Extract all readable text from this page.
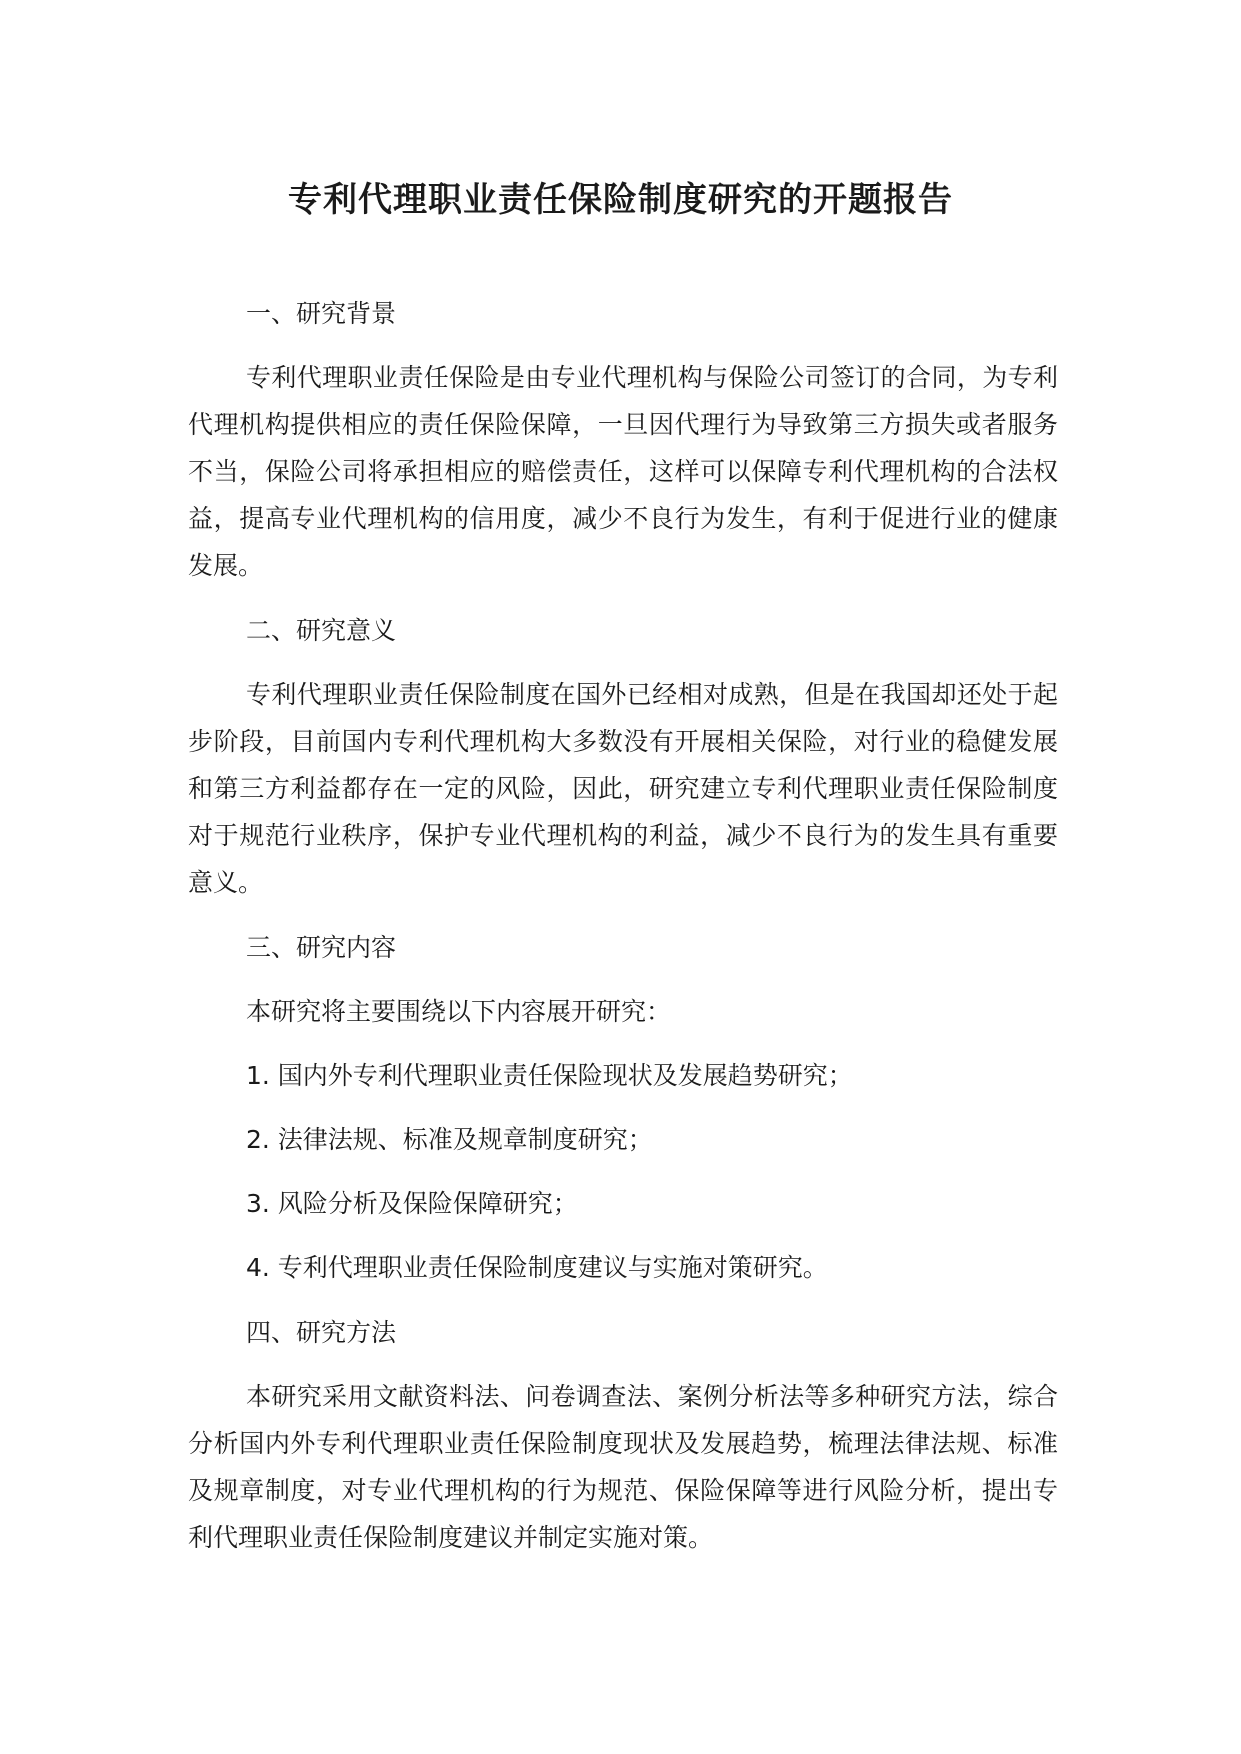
专利代理职业责任保险制度研究的开题报告
一、研究背景

专利代理职业责任保险是由专业代理机构与保险公司签订的合同，为专利代理机构提供相应的责任保险保障，一旦因代理行为导致第三方损失或者服务不当，保险公司将承担相应的赔偿责任，这样可以保障专利代理机构的合法权益，提高专业代理机构的信用度，减少不良行为发生，有利于促进行业的健康发展。

二、研究意义

专利代理职业责任保险制度在国外已经相对成熟，但是在我国却还处于起步阶段，目前国内专利代理机构大多数没有开展相关保险，对行业的稳健发展和第三方利益都存在一定的风险，因此，研究建立专利代理职业责任保险制度对于规范行业秩序，保护专业代理机构的利益，减少不良行为的发生具有重要意义。

三、研究内容

本研究将主要围绕以下内容展开研究：

1. 国内外专利代理职业责任保险现状及发展趋势研究；

2. 法律法规、标准及规章制度研究；

3. 风险分析及保险保障研究；

4. 专利代理职业责任保险制度建议与实施对策研究。

四、研究方法

本研究采用文献资料法、问卷调查法、案例分析法等多种研究方法，综合分析国内外专利代理职业责任保险制度现状及发展趋势，梳理法律法规、标准及规章制度，对专业代理机构的行为规范、保险保障等进行风险分析，提出专利代理职业责任保险制度建议并制定实施对策。
